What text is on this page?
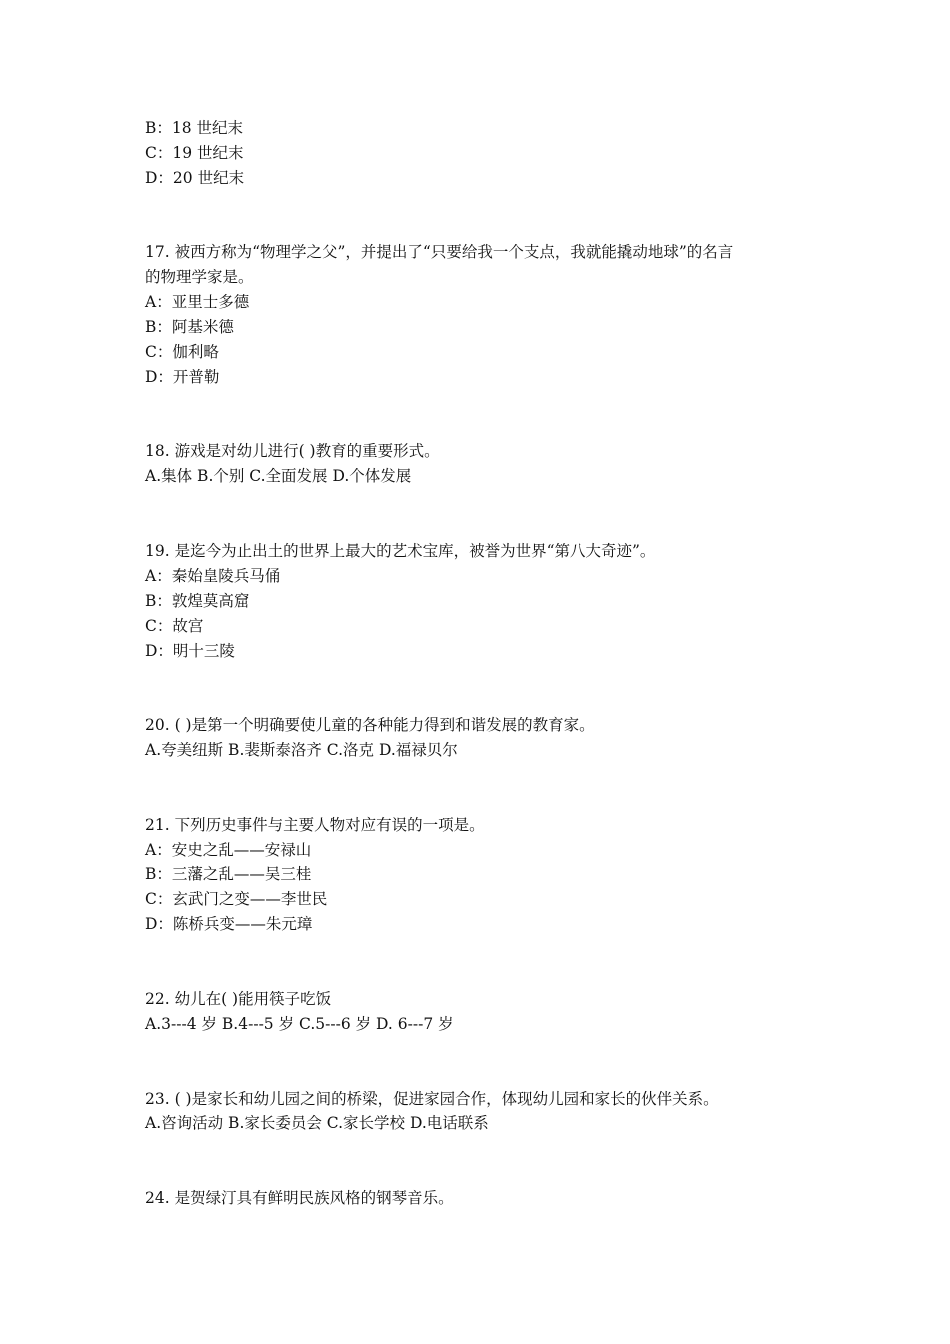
B：18 世纪末
C：19 世纪末
D：20 世纪末
17. 被西方称为“物理学之父”，并提出了“只要给我一个支点，我就能撬动地球”的名言
的物理学家是。
A：亚里士多德
B：阿基米德
C：伽利略
D：开普勒
18. 游戏是对幼儿进行( )教育的重要形式。
A.集体 B.个别 C.全面发展 D.个体发展
19. 是迄今为止出土的世界上最大的艺术宝库，被誉为世界“第八大奇迹”。
A：秦始皇陵兵马俑
B：敦煌莫高窟
C：故宫
D：明十三陵
20. ( )是第一个明确要使儿童的各种能力得到和谐发展的教育家。
A.夸美纽斯 B.裴斯泰洛齐 C.洛克 D.福禄贝尔
21. 下列历史事件与主要人物对应有误的一项是。
A：安史之乱——安禄山
B：三藩之乱——吴三桂
C：玄武门之变——李世民
D：陈桥兵变——朱元璋
22. 幼儿在( )能用筷子吃饭
A.3---4 岁 B.4---5 岁 C.5---6 岁 D. 6---7 岁
23. ( )是家长和幼儿园之间的桥梁，促进家园合作，体现幼儿园和家长的伙伴关系。
A.咨询活动 B.家长委员会 C.家长学校 D.电话联系
24. 是贺绿汀具有鲜明民族风格的钢琴音乐。
